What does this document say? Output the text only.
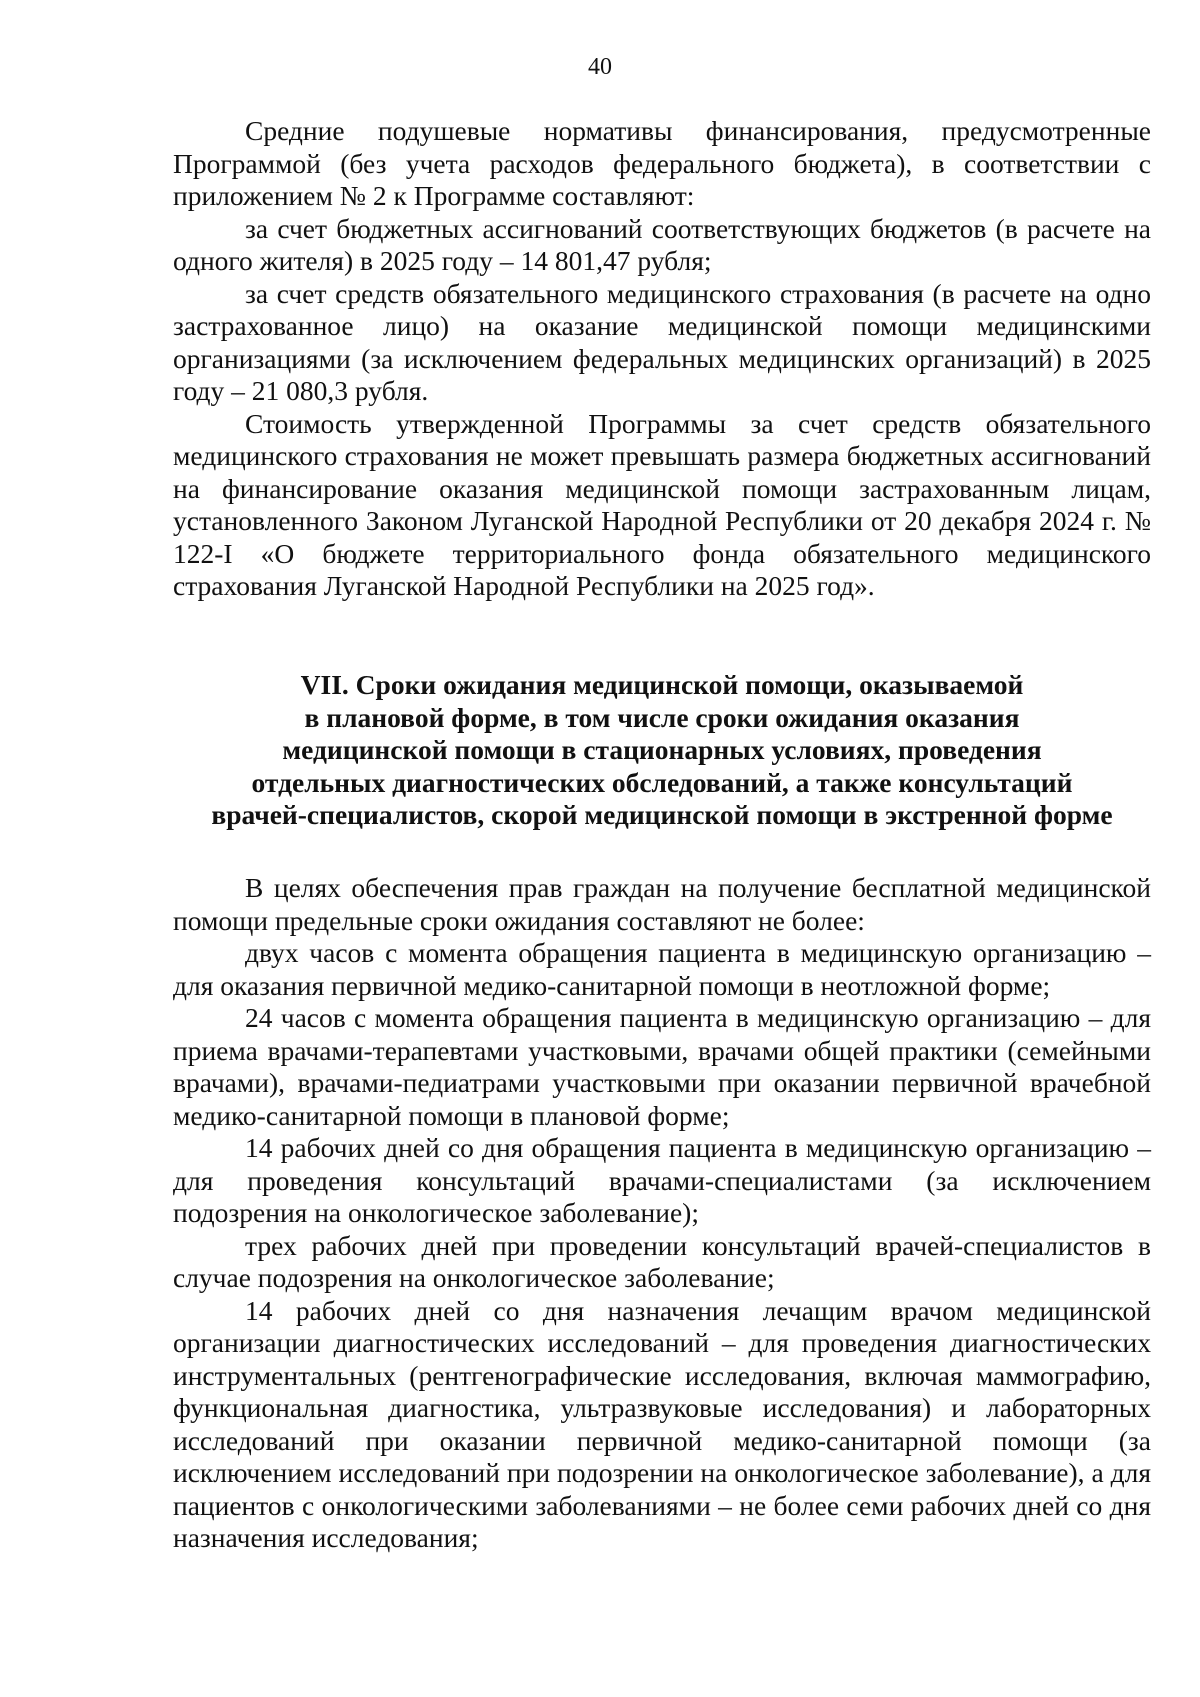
40

Средние подушевые нормативы финансирования, предусмотренные Программой (без учета расходов федерального бюджета), в соответствии с приложением № 2 к Программе составляют:

за счет бюджетных ассигнований соответствующих бюджетов (в расчете на одного жителя) в 2025 году – 14 801,47 рубля;

за счет средств обязательного медицинского страхования (в расчете на одно застрахованное лицо) на оказание медицинской помощи медицинскими организациями (за исключением федеральных медицинских организаций) в 2025 году – 21 080,3 рубля.

Стоимость утвержденной Программы за счет средств обязательного медицинского страхования не может превышать размера бюджетных ассигнований на финансирование оказания медицинской помощи застрахованным лицам, установленного Законом Луганской Народной Республики от 20 декабря 2024 г. № 122-I «О бюджете территориального фонда обязательного медицинского страхования Луганской Народной Республики на 2025 год».

VII. Сроки ожидания медицинской помощи, оказываемой
в плановой форме, в том числе сроки ожидания оказания
медицинской помощи в стационарных условиях, проведения
отдельных диагностических обследований, а также консультаций
врачей-специалистов, скорой медицинской помощи в экстренной форме

В целях обеспечения прав граждан на получение бесплатной медицинской помощи предельные сроки ожидания составляют не более:

двух часов с момента обращения пациента в медицинскую организацию – для оказания первичной медико-санитарной помощи в неотложной форме;

24 часов с момента обращения пациента в медицинскую организацию – для приема врачами-терапевтами участковыми, врачами общей практики (семейными врачами), врачами-педиатрами участковыми при оказании первичной врачебной медико-санитарной помощи в плановой форме;

14 рабочих дней со дня обращения пациента в медицинскую организацию – для проведения консультаций врачами-специалистами (за исключением подозрения на онкологическое заболевание);

трех рабочих дней при проведении консультаций врачей-специалистов в случае подозрения на онкологическое заболевание;

14 рабочих дней со дня назначения лечащим врачом медицинской организации диагностических исследований – для проведения диагностических инструментальных (рентгенографические исследования, включая маммографию, функциональная диагностика, ультразвуковые исследования) и лабораторных исследований при оказании первичной медико-санитарной помощи (за исключением исследований при подозрении на онкологическое заболевание), а для пациентов с онкологическими заболеваниями – не более семи рабочих дней со дня назначения исследования;
